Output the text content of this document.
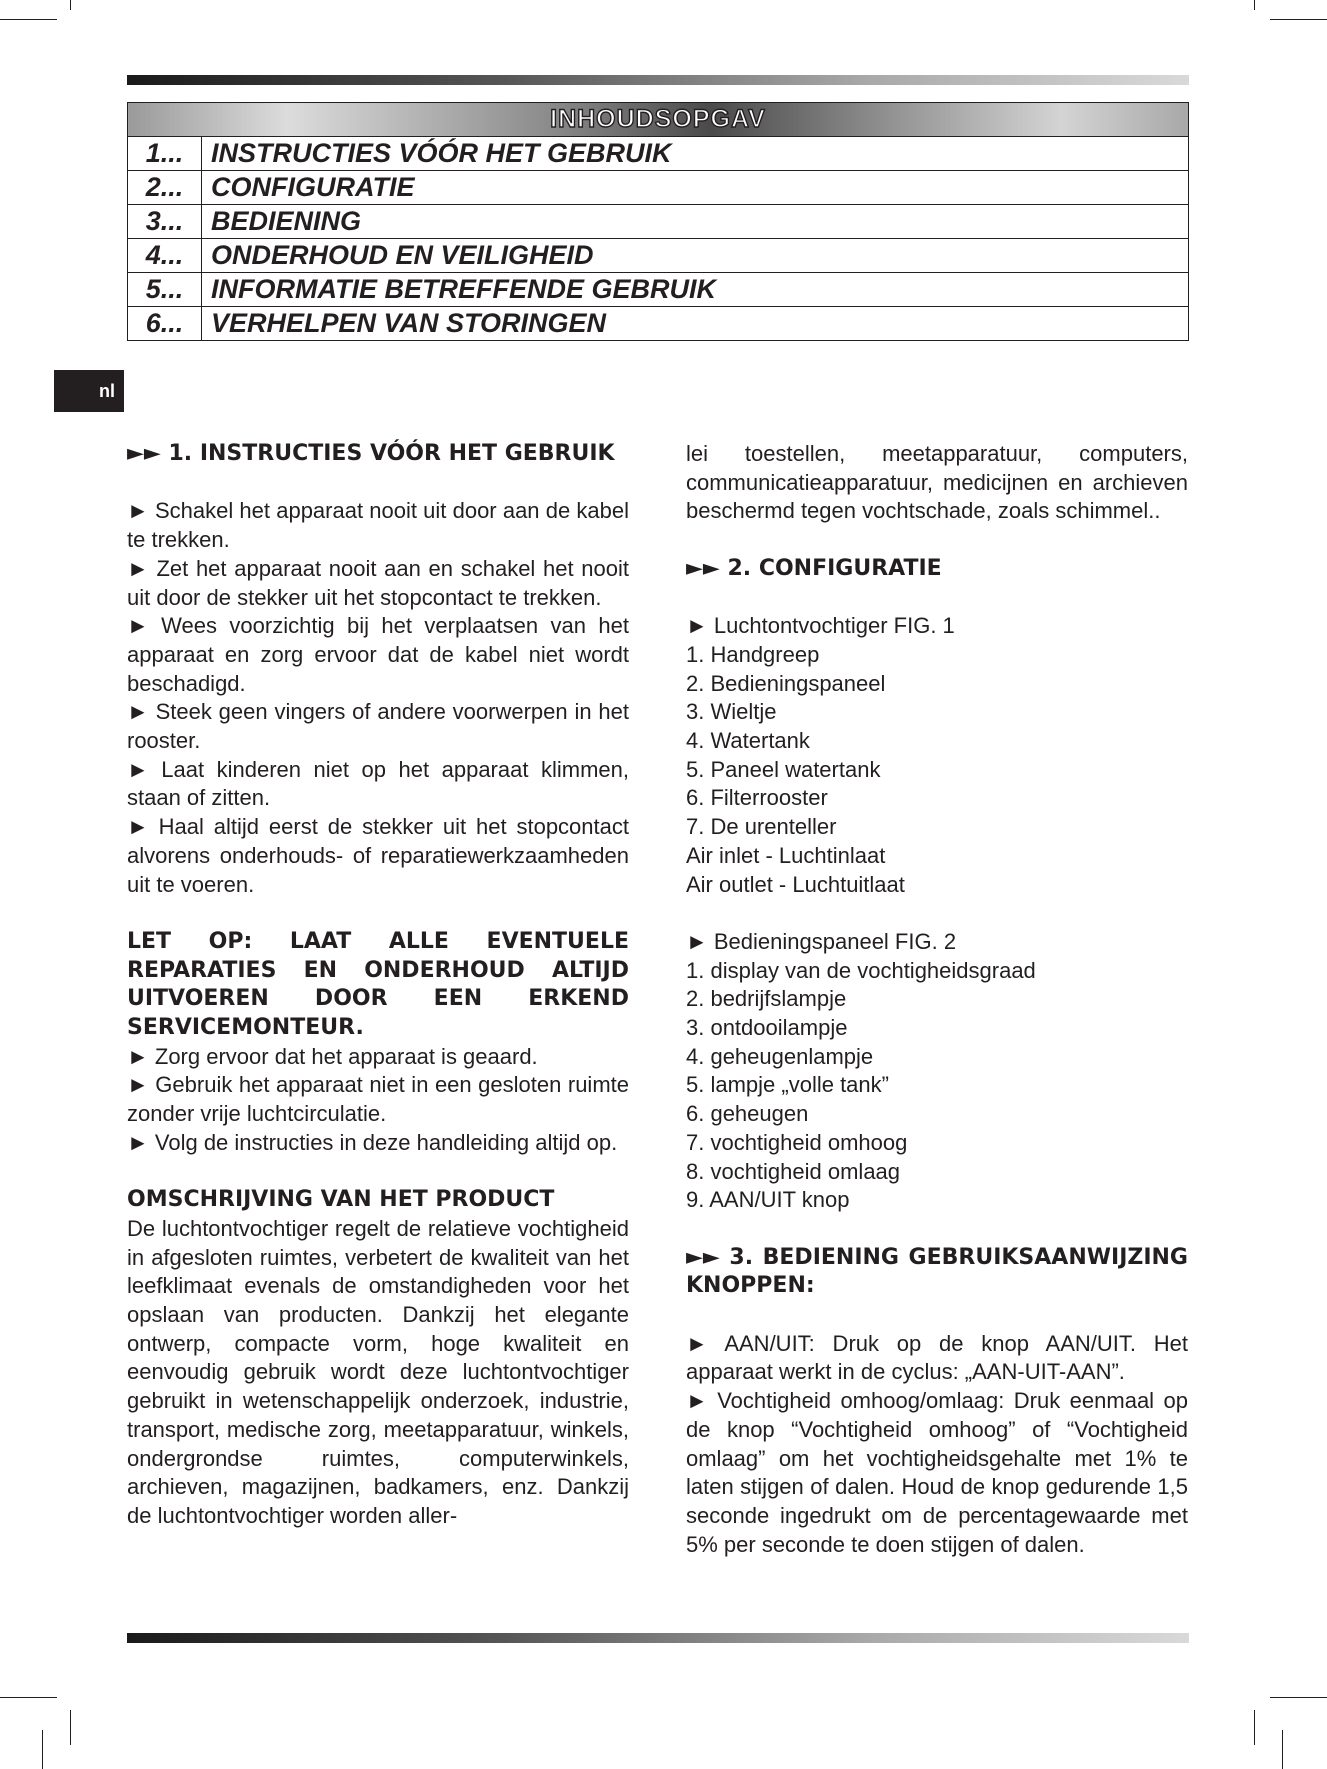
INHOUDSOPGAV	
1...	INSTRUCTIES VÓÓR HET GEBRUIK
2...	CONFIGURATIE
3...	BEDIENING
4...	ONDERHOUD EN VEILIGHEID
5...	INFORMATIE BETREFFENDE GEBRUIK
6...	VERHELPEN VAN STORINGEN
nl

►► 1. INSTRUCTIES VÓÓR HET GEBRUIK

► Schakel het apparaat nooit uit door aan de kabel te trekken.

► Zet het apparaat nooit aan en schakel het nooit uit door de stekker uit het stopcontact te trekken.

► Wees voorzichtig bij het verplaatsen van het apparaat en zorg ervoor dat de kabel niet wordt beschadigd.

► Steek geen vingers of andere voorwerpen in het rooster.

► Laat kinderen niet op het apparaat klimmen, staan of zitten.

► Haal altijd eerst de stekker uit het stopcontact alvorens onderhouds- of reparatiewerkzaamheden uit te voeren.

LET OP: LAAT ALLE EVENTUELE REPARATIES EN ONDERHOUD ALTIJD UITVOEREN DOOR EEN ERKEND SERVICEMONTEUR.

► Zorg ervoor dat het apparaat is geaard.

► Gebruik het apparaat niet in een gesloten ruimte zonder vrije luchtcirculatie.

► Volg de instructies in deze handleiding altijd op.

OMSCHRIJVING VAN HET PRODUCT

De luchtontvochtiger regelt de relatieve vochtigheid in afgesloten ruimtes, verbetert de kwaliteit van het leefklimaat evenals de omstandigheden voor het opslaan van producten. Dankzij het elegante ontwerp, compacte vorm, hoge kwaliteit en eenvoudig gebruik wordt deze luchtontvochtiger gebruikt in wetenschappelijk onderzoek, industrie, transport, medische zorg, meetapparatuur, winkels, ondergrondse ruimtes, computerwinkels, archieven, magazijnen, badkamers, enz. Dankzij de luchtontvochtiger worden aller-

lei toestellen, meetapparatuur, computers, communicatieapparatuur, medicijnen en archieven beschermd tegen vochtschade, zoals schimmel..

►► 2. CONFIGURATIE

► Luchtontvochtiger FIG. 1

1. Handgreep

2. Bedieningspaneel

3. Wieltje

4. Watertank

5. Paneel watertank

6. Filterrooster

7. De urenteller

Air inlet - Luchtinlaat

Air outlet - Luchtuitlaat

► Bedieningspaneel FIG. 2

1. display van de vochtigheidsgraad

2. bedrijfslampje

3. ontdooilampje

4. geheugenlampje

5. lampje „volle tank”

6. geheugen

7. vochtigheid omhoog

8. vochtigheid omlaag

9. AAN/UIT knop

►► 3. BEDIENING GEBRUIKSAANWIJZING KNOPPEN:

► AAN/UIT: Druk op de knop AAN/UIT. Het apparaat werkt in de cyclus: „AAN-UIT-AAN”.

► Vochtigheid omhoog/omlaag: Druk eenmaal op de knop “Vochtigheid omhoog” of “Vochtigheid omlaag” om het vochtigheidsgehalte met 1% te laten stijgen of dalen. Houd de knop gedurende 1,5 seconde ingedrukt om de percentagewaarde met 5% per seconde te doen stijgen of dalen.
